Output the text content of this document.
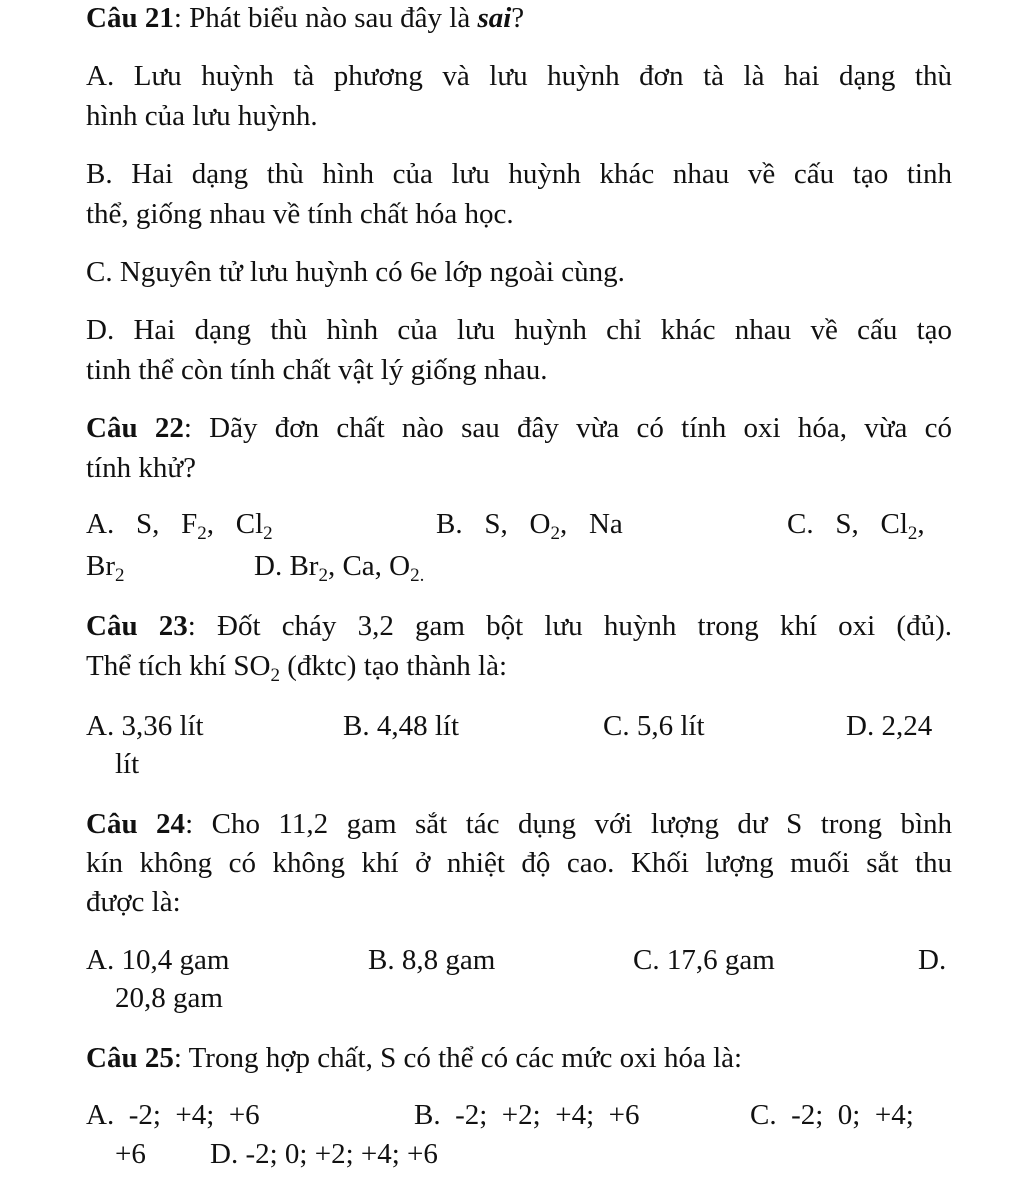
Câu 21: Phát biểu nào sau đây là sai?
A. Lưu huỳnh tà phương và lưu huỳnh đơn tà là hai dạng thù
hình của lưu huỳnh.
B. Hai dạng thù hình của lưu huỳnh khác nhau về cấu tạo tinh
thể, giống nhau về tính chất hóa học.
C. Nguyên tử lưu huỳnh có 6e lớp ngoài cùng.
D. Hai dạng thù hình của lưu huỳnh chỉ khác nhau về cấu tạo
tinh thể còn tính chất vật lý giống nhau.
Câu 22: Dãy đơn chất nào sau đây vừa có tính oxi hóa, vừa có
tính khử?
A. S, $F_2$, $Cl_2$	B. S, $O_2$, Na	C. S, $Cl_2$,
$Br_2$	D. $Br_2$, Ca, $O_{2.}$
Câu 23: Đốt cháy 3,2 gam bột lưu huỳnh trong khí oxi (đủ).
Thể tích khí $SO_2$ (đktc) tạo thành là:
A. 3,36 lít	B. 4,48 lít	C. 5,6 lít	D. 2,24
lít
Câu 24: Cho 11,2 gam sắt tác dụng với lượng dư S trong bình
kín không có không khí ở nhiệt độ cao. Khối lượng muối sắt thu
được là:
A. 10,4 gam	B. 8,8 gam	C. 17,6 gam	D.
20,8 gam
Câu 25: Trong hợp chất, S có thể có các mức oxi hóa là:
A.  -2;  +4;  +6	B.  -2;  +2;  +4;  +6	C.  -2;  0;  +4;
+6 D. -2; 0; +2; +4; +6
